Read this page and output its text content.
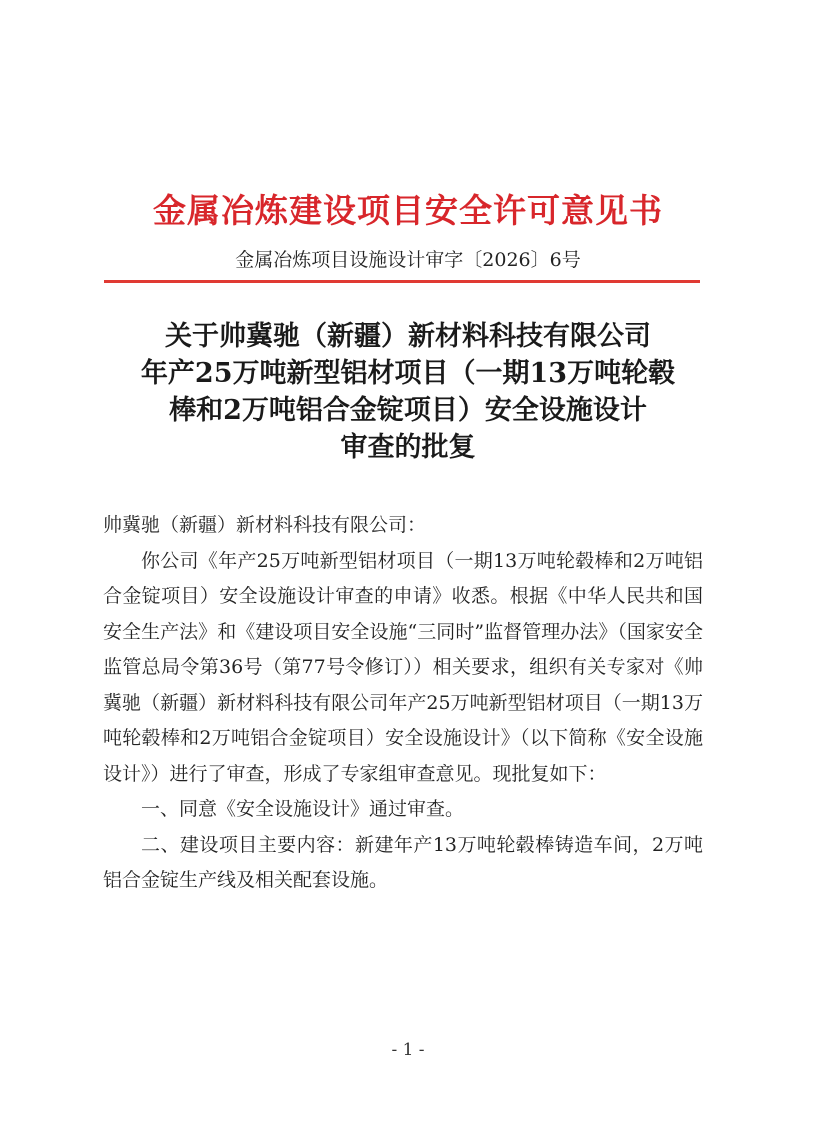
金属冶炼建设项目安全许可意见书
金属冶炼项目设施设计审字〔2026〕6号
关于帅冀驰（新疆）新材料科技有限公司
年产25万吨新型铝材项目（一期13万吨轮毂
棒和2万吨铝合金锭项目）安全设施设计
审查的批复

帅冀驰（新疆）新材料科技有限公司：

你公司《年产25万吨新型铝材项目（一期13万吨轮毂棒和2万吨铝合金锭项目）安全设施设计审查的申请》收悉。根据《中华人民共和国安全生产法》和《建设项目安全设施“三同时”监督管理办法》（国家安全监管总局令第36号（第77号令修订））相关要求，组织有关专家对《帅冀驰（新疆）新材料科技有限公司年产25万吨新型铝材项目（一期13万吨轮毂棒和2万吨铝合金锭项目）安全设施设计》（以下简称《安全设施设计》）进行了审查，形成了专家组审查意见。现批复如下：

一、同意《安全设施设计》通过审查。

二、建设项目主要内容：新建年产13万吨轮毂棒铸造车间，2万吨铝合金锭生产线及相关配套设施。

- 1 -
